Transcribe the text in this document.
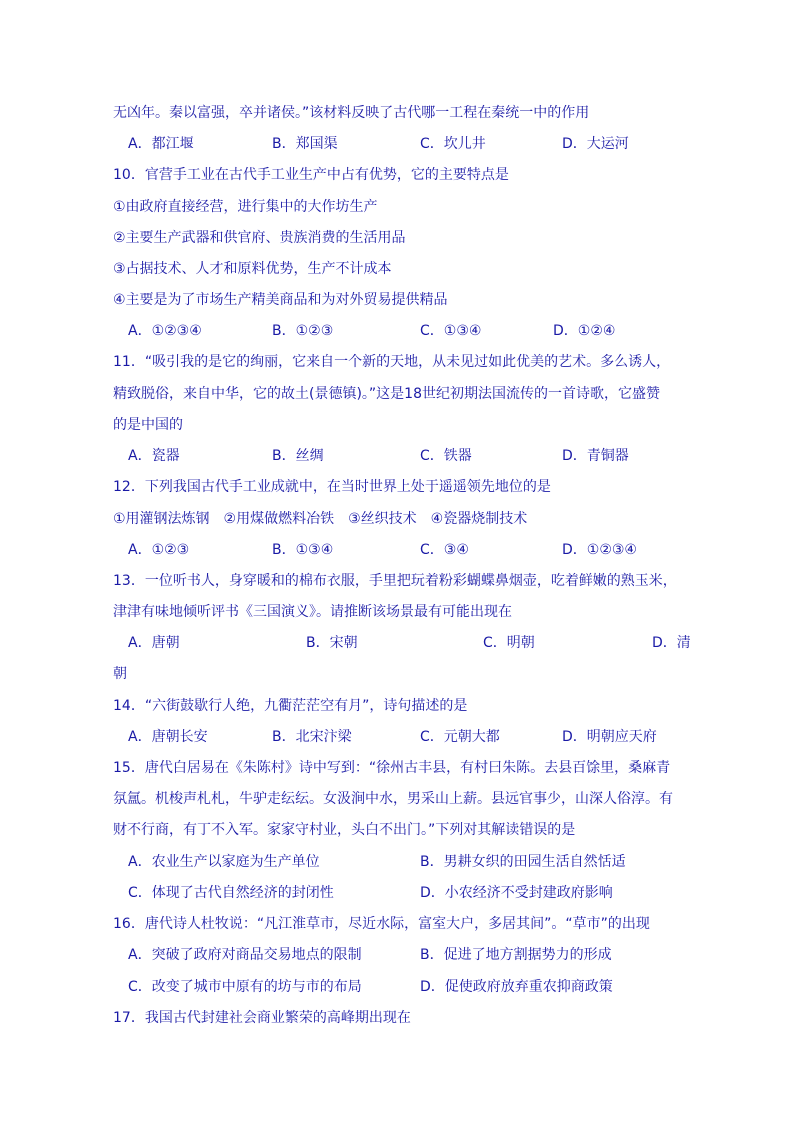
无凶年。秦以富强，卒并诸侯。”该材料反映了古代哪一工程在秦统一中的作用
A．都江堰	B．郑国渠	C．坎儿井	D．大运河
10．官营手工业在古代手工业生产中占有优势，它的主要特点是
①由政府直接经营，进行集中的大作坊生产
②主要生产武器和供官府、贵族消费的生活用品
③占据技术、人才和原料优势，生产不计成本
④主要是为了市场生产精美商品和为对外贸易提供精品
A．①②③④	B．①②③	C．①③④	D．①②④
11．“吸引我的是它的绚丽，它来自一个新的天地，从未见过如此优美的艺术。多么诱人，
精致脱俗，来自中华，它的故土(景德镇)。”这是18世纪初期法国流传的一首诗歌，它盛赞
的是中国的
A．瓷器	B．丝绸	C．铁器	D．青铜器
12．下列我国古代手工业成就中，在当时世界上处于遥遥领先地位的是
①用灌钢法炼钢　②用煤做燃料冶铁　③丝织技术　④瓷器烧制技术
A．①②③	B．①③④	C．③④	D．①②③④
13．一位听书人，身穿暖和的棉布衣服，手里把玩着粉彩蝴蝶鼻烟壶，吃着鲜嫩的熟玉米，
津津有味地倾听评书《三国演义》。请推断该场景最有可能出现在
A．唐朝	B．宋朝	C．明朝	D．清
朝
14．“六街鼓歇行人绝，九衢茫茫空有月”，诗句描述的是
A．唐朝长安	B．北宋汴梁	C．元朝大都	D．明朝应天府
15．唐代白居易在《朱陈村》诗中写到：“徐州古丰县，有村曰朱陈。去县百馀里，桑麻青
氛氲。机梭声札札，牛驴走纭纭。女汲涧中水，男采山上薪。县远官事少，山深人俗淳。有
财不行商，有丁不入军。家家守村业，头白不出门。”下列对其解读错误的是
A．农业生产以家庭为生产单位	B．男耕女织的田园生活自然恬适
C．体现了古代自然经济的封闭性	D．小农经济不受封建政府影响
16．唐代诗人杜牧说：“凡江淮草市，尽近水际，富室大户，多居其间”。“草市”的出现
A．突破了政府对商品交易地点的限制	B．促进了地方割据势力的形成
C．改变了城市中原有的坊与市的布局	D．促使政府放弃重农抑商政策
17．我国古代封建社会商业繁荣的高峰期出现在
